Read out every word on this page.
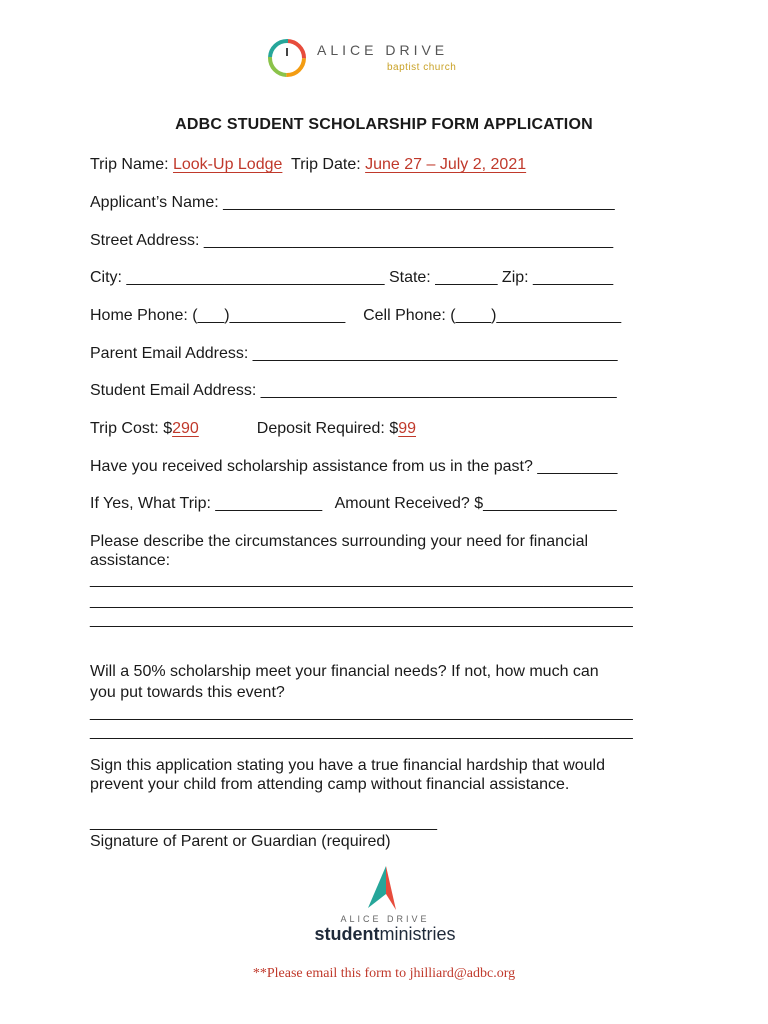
ALICE DRIVE
baptist church
ADBC STUDENT SCHOLARSHIP FORM APPLICATION
Trip Name: Look-Up Lodge  Trip Date: June 27 – July 2, 2021
Applicant’s Name: ____________________________________________
Street Address: ______________________________________________
City: _____________________________ State: _______ Zip: _________
Home Phone: (___)_____________    Cell Phone: (____)______________
Parent Email Address: _________________________________________
Student Email Address: ________________________________________
Trip Cost: $290	Deposit Required: $99
Have you received scholarship assistance from us in the past? _________
If Yes, What Trip: ____________   Amount Received? $_______________
Please describe the circumstances surrounding your need for financial
assistance:
_____________________________________________________________
_____________________________________________________________
_____________________________________________________________
Will a 50% scholarship meet your financial needs? If not, how much can
you put towards this event?
_____________________________________________________________
_____________________________________________________________
Sign this application stating you have a true financial hardship that would
prevent your child from attending camp without financial assistance.
_______________________________________
Signature of Parent or Guardian (required)
ALICE DRIVE
studentministries
**Please email this form to jhilliard@adbc.org
